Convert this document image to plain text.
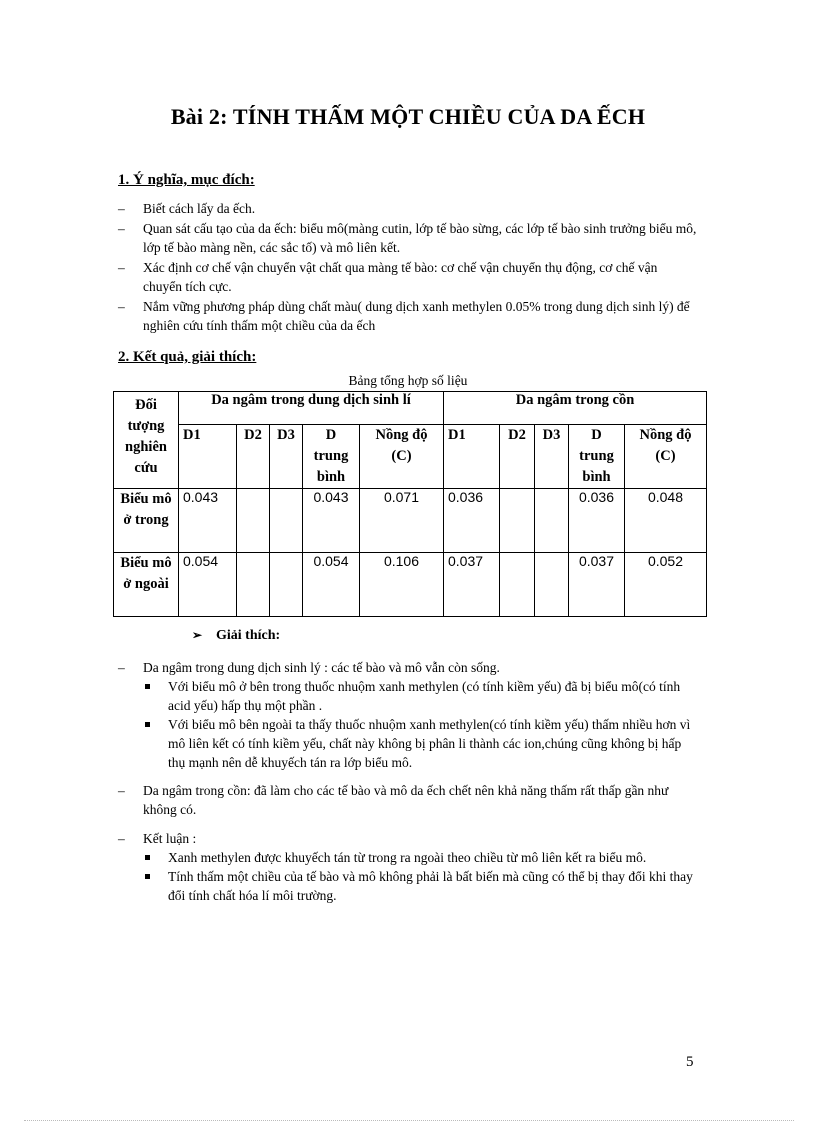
Bài 2: TÍNH THẤM MỘT CHIỀU CỦA DA ẾCH
1. Ý nghĩa, mục đích:
– Biết cách lấy da ếch.
– Quan sát cấu tạo của da ếch: biểu mô(màng cutin, lớp tế bào sừng, các lớp tế bào sinh trưởng biểu mô, lớp tế bào màng nền, các sắc tố) và mô liên kết.
– Xác định cơ chế vận chuyển vật chất qua màng tế bào: cơ chế vận chuyển thụ động, cơ chế vận chuyển tích cực.
– Nắm vững phương pháp dùng chất màu( dung dịch xanh methylen 0.05% trong dung dịch sinh lý) để nghiên cứu tính thấm một chiều của da ếch
2. Kết quả, giải thích:
Bảng tổng hợp số liệu
Đối tượng nghiên cứu	Da ngâm trong dung dịch sinh lí					Da ngâm trong cồn				
	D1	D2	D3	D trung bình	Nồng độ (C)	D1	D2	D3	D trung bình	Nồng độ (C)
Biểu mô ở trong	0.043			0.043	0.071	0.036			0.036	0.048
Biểu mô ở ngoài	0.054			0.054	0.106	0.037			0.037	0.052
➢ Giải thích:
– Da ngâm trong dung dịch sinh lý : các tế bào và mô vẫn còn sống.
Với biểu mô ở bên trong thuốc nhuộm xanh methylen (có tính kiềm yếu) đã bị biểu mô(có tính acid yếu) hấp thụ một phần .
Với biểu mô bên ngoài ta thấy thuốc nhuộm xanh methylen(có tính kiềm yếu) thấm nhiều hơn vì mô liên kết có tính kiềm yếu, chất này không bị phân li thành các ion,chúng cũng không bị hấp thụ mạnh nên dễ khuyếch tán ra lớp biểu mô.
– Da ngâm trong cồn: đã làm cho các tế bào và mô da ếch chết nên khả năng thấm rất thấp gần như không có.
– Kết luận :
Xanh methylen được khuyếch tán từ trong ra ngoài theo chiều từ mô liên kết ra biểu mô.
Tính thấm một chiều của tế bào và mô không phải là bất biến mà cũng có thể bị thay đổi khi thay đổi tính chất hóa lí môi trường.
5
